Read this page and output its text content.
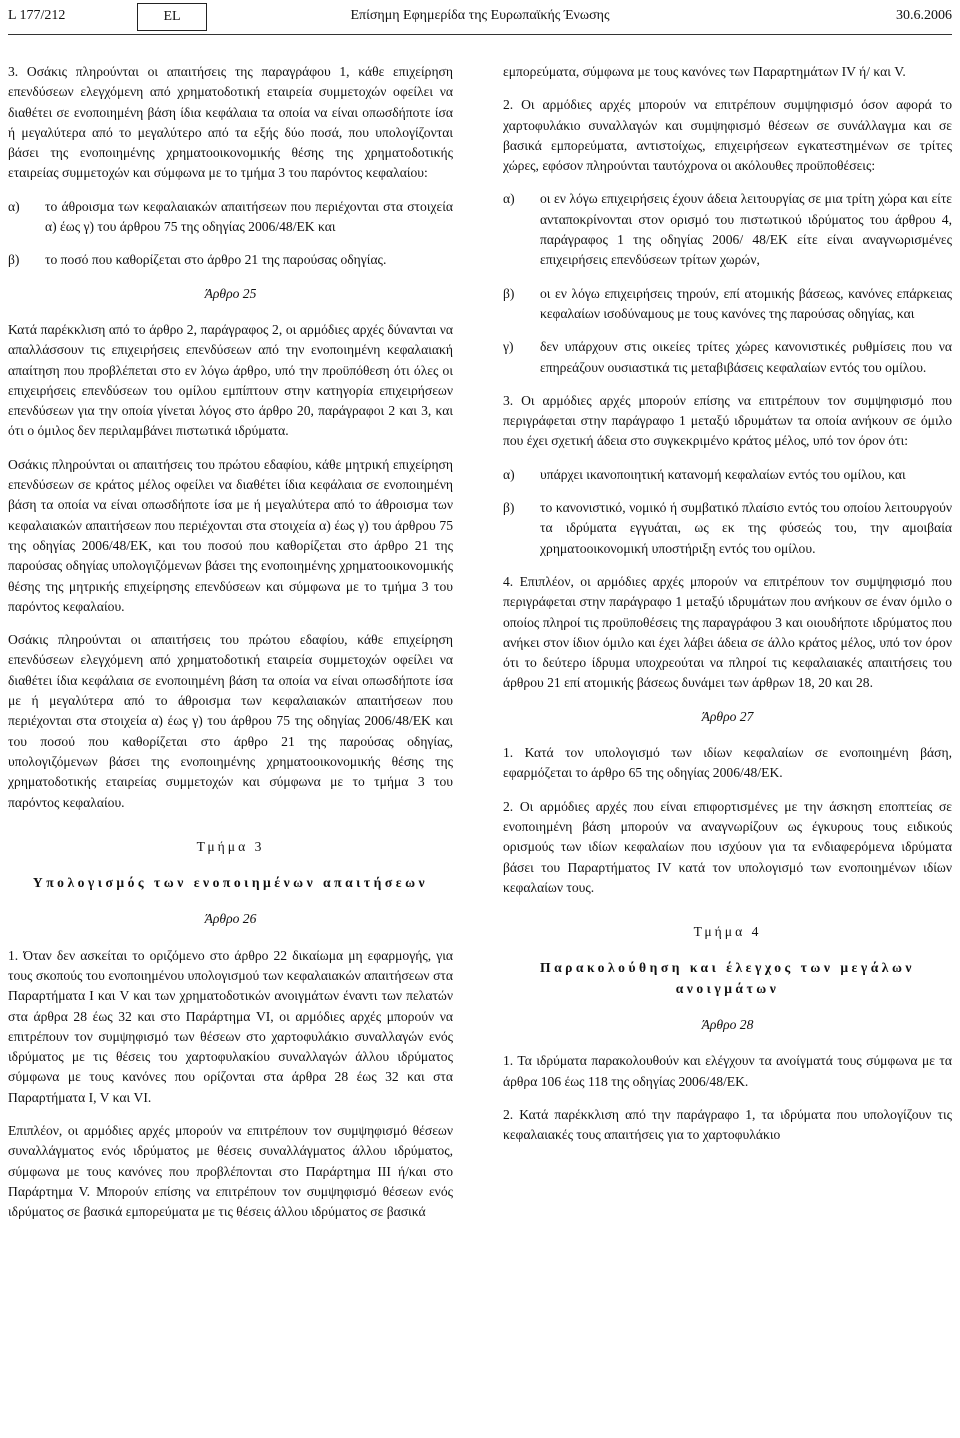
L 177/212	EL	Επίσημη Εφημερίδα της Ευρωπαϊκής Ένωσης	30.6.2006

3. Οσάκις πληρούνται οι απαιτήσεις της παραγράφου 1, κάθε επιχείρηση επενδύσεων ελεγχόμενη από χρηματοδοτική εταιρεία συμμετοχών οφείλει να διαθέτει σε ενοποιημένη βάση ίδια κεφάλαια τα οποία να είναι οπωσδήποτε ίσα ή μεγαλύτερα από το μεγαλύτερο από τα εξής δύο ποσά, που υπολογίζονται βάσει της ενοποιημένης χρηματοοικονομικής θέσης της χρηματοδοτικής εταιρείας συμμετοχών και σύμφωνα με το τμήμα 3 του παρόντος κεφαλαίου:

α)	το άθροισμα των κεφαλαιακών απαιτήσεων που περιέχονται στα στοιχεία α) έως γ) του άρθρου 75 της οδηγίας 2006/48/ΕΚ και
β)	το ποσό που καθορίζεται στο άρθρο 21 της παρούσας οδηγίας.
Άρθρο 25

Κατά παρέκκλιση από το άρθρο 2, παράγραφος 2, οι αρμόδιες αρχές δύνανται να απαλλάσσουν τις επιχειρήσεις επενδύσεων από την ενοποιημένη κεφαλαιακή απαίτηση που προβλέπεται στο εν λόγω άρθρο, υπό την προϋπόθεση ότι όλες οι επιχειρήσεις επενδύσεων του ομίλου εμπίπτουν στην κατηγορία επιχειρήσεων επενδύσεων για την οποία γίνεται λόγος στο άρθρο 20, παράγραφοι 2 και 3, και ότι ο όμιλος δεν περιλαμβάνει πιστωτικά ιδρύματα.

Οσάκις πληρούνται οι απαιτήσεις του πρώτου εδαφίου, κάθε μητρική επιχείρηση επενδύσεων σε κράτος μέλος οφείλει να διαθέτει ίδια κεφάλαια σε ενοποιημένη βάση τα οποία να είναι οπωσδήποτε ίσα με ή μεγαλύτερα από το άθροισμα των κεφαλαιακών απαιτήσεων που περιέχονται στα στοιχεία α) έως γ) του άρθρου 75 της οδηγίας 2006/48/ΕΚ, και του ποσού που καθορίζεται στο άρθρο 21 της παρούσας οδηγίας υπολογιζόμενων βάσει της ενοποιημένης χρηματοοικονομικής θέσης της μητρικής επιχείρησης επενδύσεων και σύμφωνα με το τμήμα 3 του παρόντος κεφαλαίου.

Οσάκις πληρούνται οι απαιτήσεις του πρώτου εδαφίου, κάθε επιχείρηση επενδύσεων ελεγχόμενη από χρηματοδοτική εταιρεία συμμετοχών οφείλει να διαθέτει ίδια κεφάλαια σε ενοποιημένη βάση τα οποία να είναι οπωσδήποτε ίσα με ή μεγαλύτερα από το άθροισμα των κεφαλαιακών απαιτήσεων που περιέχονται στα στοιχεία α) έως γ) του άρθρου 75 της οδηγίας 2006/48/ΕΚ και του ποσού που καθορίζεται στο άρθρο 21 της παρούσας οδηγίας, υπολογιζόμενων βάσει της ενοποιημένης χρηματοοικονομικής θέσης της χρηματοδοτικής εταιρείας συμμετοχών και σύμφωνα με το τμήμα 3 του παρόντος κεφαλαίου.

Τμήμα 3
Υπολογισμός των ενοποιημένων απαιτήσεων
Άρθρο 26

1. Όταν δεν ασκείται το οριζόμενο στο άρθρο 22 δικαίωμα μη εφαρμογής, για τους σκοπούς του ενοποιημένου υπολογισμού των κεφαλαιακών απαιτήσεων στα Παραρτήματα I και V και των χρηματοδοτικών ανοιγμάτων έναντι των πελατών στα άρθρα 28 έως 32 και στο Παράρτημα VI, οι αρμόδιες αρχές μπορούν να επιτρέπουν τον συμψηφισμό των θέσεων στο χαρτοφυλάκιο συναλλαγών ενός ιδρύματος με τις θέσεις του χαρτοφυλακίου συναλλαγών άλλου ιδρύματος σύμφωνα με τους κανόνες που ορίζονται στα άρθρα 28 έως 32 και στα Παραρτήματα I, V και VI.

Επιπλέον, οι αρμόδιες αρχές μπορούν να επιτρέπουν τον συμψηφισμό θέσεων συναλλάγματος ενός ιδρύματος με θέσεις συναλλάγματος άλλου ιδρύματος, σύμφωνα με τους κανόνες που προβλέπονται στο Παράρτημα III ή/και στο Παράρτημα V. Μπορούν επίσης να επιτρέπουν τον συμψηφισμό θέσεων ενός ιδρύματος σε βασικά εμπορεύματα με τις θέσεις άλλου ιδρύματος σε βασικά

εμπορεύματα, σύμφωνα με τους κανόνες των Παραρτημάτων IV ή/ και V.

2. Οι αρμόδιες αρχές μπορούν να επιτρέπουν συμψηφισμό όσον αφορά το χαρτοφυλάκιο συναλλαγών και συμψηφισμό θέσεων σε συνάλλαγμα και σε βασικά εμπορεύματα, αντιστοίχως, επιχειρήσεων εγκατεστημένων σε τρίτες χώρες, εφόσον πληρούνται ταυτόχρονα οι ακόλουθες προϋποθέσεις:

α)	οι εν λόγω επιχειρήσεις έχουν άδεια λειτουργίας σε μια τρίτη χώρα και είτε ανταποκρίνονται στον ορισμό του πιστωτικού ιδρύματος του άρθρου 4, παράγραφος 1 της οδηγίας 2006/ 48/ΕΚ είτε είναι αναγνωρισμένες επιχειρήσεις επενδύσεων τρίτων χωρών,
β)	οι εν λόγω επιχειρήσεις τηρούν, επί ατομικής βάσεως, κανόνες επάρκειας κεφαλαίων ισοδύναμους με τους κανόνες της παρούσας οδηγίας, και
γ)	δεν υπάρχουν στις οικείες τρίτες χώρες κανονιστικές ρυθμίσεις που να επηρεάζουν ουσιαστικά τις μεταβιβάσεις κεφαλαίων εντός του ομίλου.

3. Οι αρμόδιες αρχές μπορούν επίσης να επιτρέπουν τον συμψηφισμό που περιγράφεται στην παράγραφο 1 μεταξύ ιδρυμάτων τα οποία ανήκουν σε όμιλο που έχει σχετική άδεια στο συγκεκριμένο κράτος μέλος, υπό τον όρον ότι:

α)	υπάρχει ικανοποιητική κατανομή κεφαλαίων εντός του ομίλου, και
β)	το κανονιστικό, νομικό ή συμβατικό πλαίσιο εντός του οποίου λειτουργούν τα ιδρύματα εγγυάται, ως εκ της φύσεώς του, την αμοιβαία χρηματοοικονομική υποστήριξη εντός του ομίλου.

4. Επιπλέον, οι αρμόδιες αρχές μπορούν να επιτρέπουν τον συμψηφισμό που περιγράφεται στην παράγραφο 1 μεταξύ ιδρυμάτων που ανήκουν σε έναν όμιλο ο οποίος πληροί τις προϋποθέσεις της παραγράφου 3 και οιουδήποτε ιδρύματος που ανήκει στον ίδιον όμιλο και έχει λάβει άδεια σε άλλο κράτος μέλος, υπό τον όρον ότι το δεύτερο ίδρυμα υποχρεούται να πληροί τις κεφαλαιακές απαιτήσεις του άρθρου 21 επί ατομικής βάσεως δυνάμει των άρθρων 18, 20 και 28.

Άρθρο 27

1. Κατά τον υπολογισμό των ιδίων κεφαλαίων σε ενοποιημένη βάση, εφαρμόζεται το άρθρο 65 της οδηγίας 2006/48/ΕΚ.

2. Οι αρμόδιες αρχές που είναι επιφορτισμένες με την άσκηση εποπτείας σε ενοποιημένη βάση μπορούν να αναγνωρίζουν ως έγκυρους τους ειδικούς ορισμούς των ιδίων κεφαλαίων που ισχύουν για τα ενδιαφερόμενα ιδρύματα βάσει του Παραρτήματος IV κατά τον υπολογισμό των ενοποιημένων ιδίων κεφαλαίων τους.

Τμήμα 4
Παρακολούθηση και έλεγχος των μεγάλων ανοιγμάτων
Άρθρο 28

1. Τα ιδρύματα παρακολουθούν και ελέγχουν τα ανοίγματά τους σύμφωνα με τα άρθρα 106 έως 118 της οδηγίας 2006/48/ΕΚ.

2. Κατά παρέκκλιση από την παράγραφο 1, τα ιδρύματα που υπολογίζουν τις κεφαλαιακές τους απαιτήσεις για το χαρτοφυλάκιο
